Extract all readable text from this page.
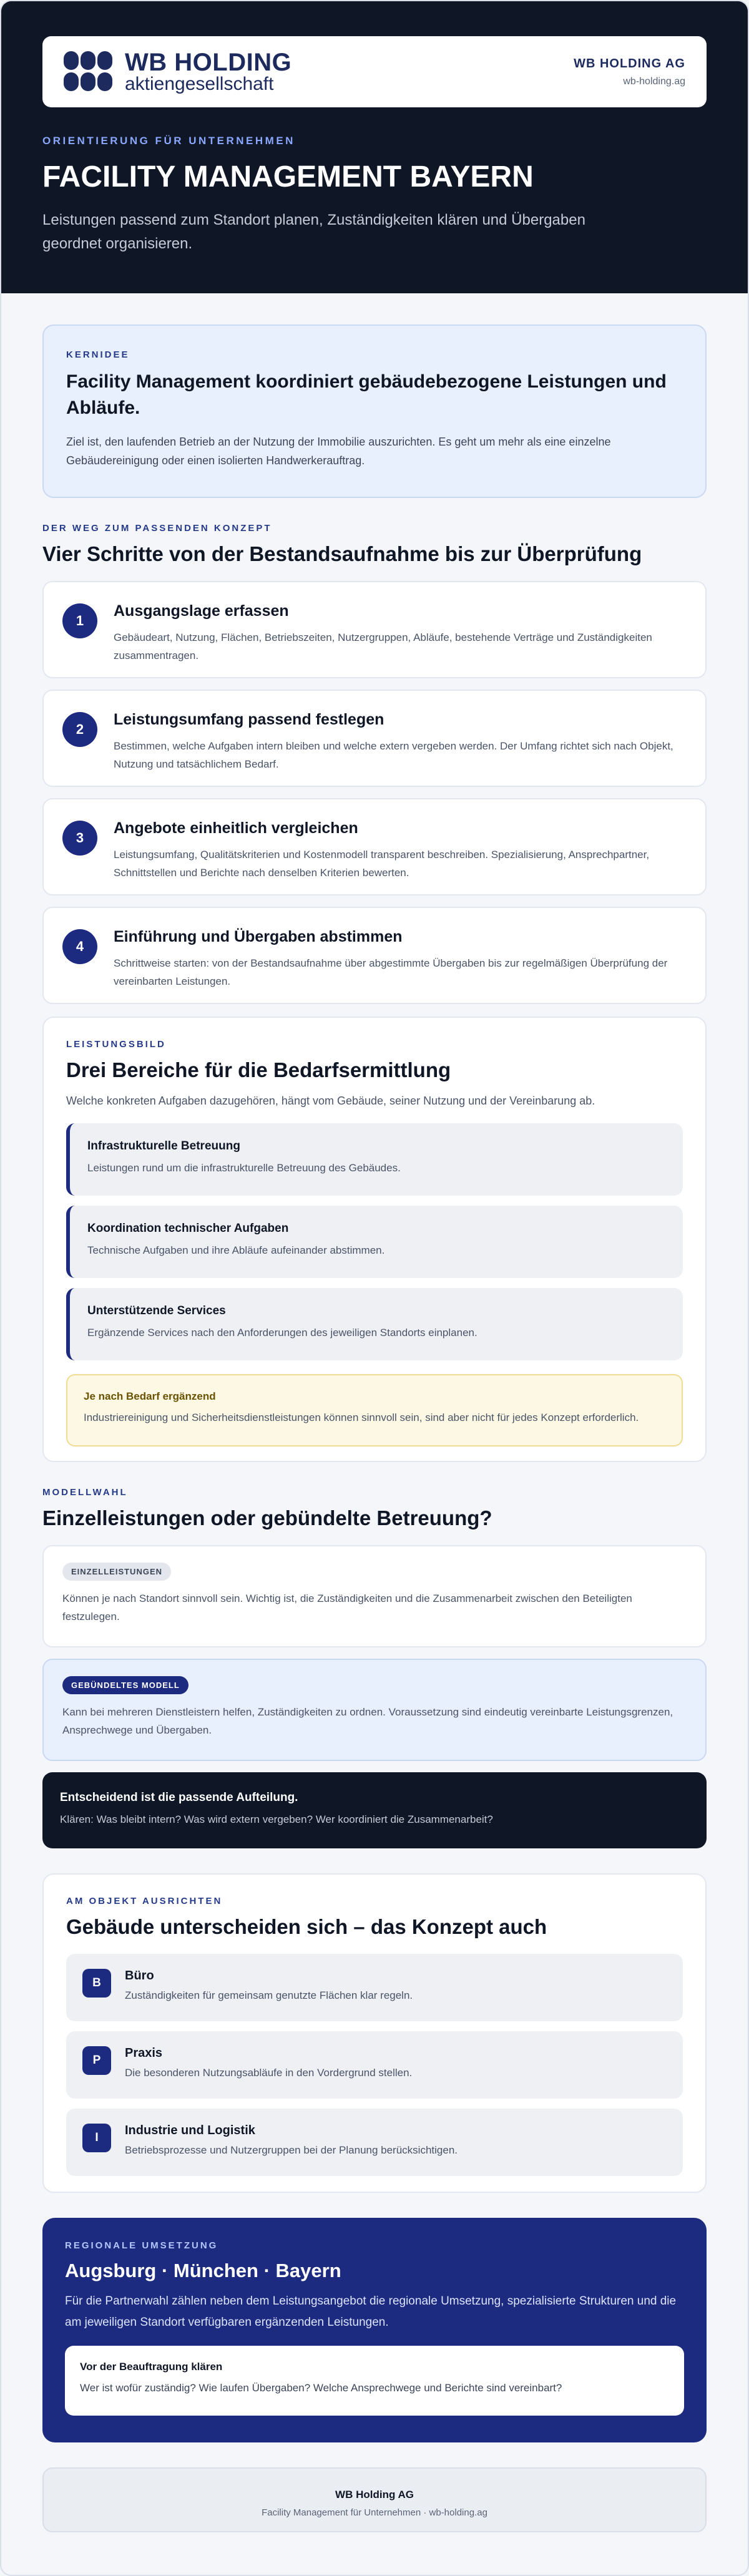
WB HOLDING
aktiengesellschaft
WB HOLDING AG
wb-holding.ag
ORIENTIERUNG FÜR UNTERNEHMEN
FACILITY MANAGEMENT BAYERN

Leistungen passend zum Standort planen, Zuständigkeiten klären und Übergaben geordnet organisieren.

KERNIDEE
Facility Management koordiniert gebäudebezogene Leistungen und Abläufe.

Ziel ist, den laufenden Betrieb an der Nutzung der Immobilie auszurichten. Es geht um mehr als eine einzelne Gebäudereinigung oder einen isolierten Handwerkerauftrag.

DER WEG ZUM PASSENDEN KONZEPT
Vier Schritte von der Bestandsaufnahme bis zur Überprüfung
1
Ausgangslage erfassen

Gebäudeart, Nutzung, Flächen, Betriebszeiten, Nutzergruppen, Abläufe, bestehende Verträge und Zuständigkeiten zusammentragen.

2
Leistungsumfang passend festlegen

Bestimmen, welche Aufgaben intern bleiben und welche extern vergeben werden. Der Umfang richtet sich nach Objekt, Nutzung und tatsächlichem Bedarf.

3
Angebote einheitlich vergleichen

Leistungsumfang, Qualitätskriterien und Kostenmodell transparent beschreiben. Spezialisierung, Ansprechpartner, Schnittstellen und Berichte nach denselben Kriterien bewerten.

4
Einführung und Übergaben abstimmen

Schrittweise starten: von der Bestandsaufnahme über abgestimmte Übergaben bis zur regelmäßigen Überprüfung der vereinbarten Leistungen.

LEISTUNGSBILD
Drei Bereiche für die Bedarfsermittlung
Welche konkreten Aufgaben dazugehören, hängt vom Gebäude, seiner Nutzung und der Vereinbarung ab.
Infrastrukturelle Betreuung

Leistungen rund um die infrastrukturelle Betreuung des Gebäudes.

Koordination technischer Aufgaben

Technische Aufgaben und ihre Abläufe aufeinander abstimmen.

Unterstützende Services

Ergänzende Services nach den Anforderungen des jeweiligen Standorts einplanen.

Je nach Bedarf ergänzend

Industriereinigung und Sicherheitsdienstleistungen können sinnvoll sein, sind aber nicht für jedes Konzept erforderlich.

MODELLWAHL
Einzelleistungen oder gebündelte Betreuung?
EINZELLEISTUNGEN

Können je nach Standort sinnvoll sein. Wichtig ist, die Zuständigkeiten und die Zusammenarbeit zwischen den Beteiligten festzulegen.

GEBÜNDELTES MODELL

Kann bei mehreren Dienstleistern helfen, Zuständigkeiten zu ordnen. Voraussetzung sind eindeutig vereinbarte Leistungsgrenzen, Ansprechwege und Übergaben.

Entscheidend ist die passende Aufteilung.

Klären: Was bleibt intern? Was wird extern vergeben? Wer koordiniert die Zusammenarbeit?

AM OBJEKT AUSRICHTEN
Gebäude unterscheiden sich – das Konzept auch
B
Büro

Zuständigkeiten für gemeinsam genutzte Flächen klar regeln.

P
Praxis

Die besonderen Nutzungsabläufe in den Vordergrund stellen.

I
Industrie und Logistik

Betriebsprozesse und Nutzergruppen bei der Planung berücksichtigen.

REGIONALE UMSETZUNG
Augsburg · München · Bayern
Für die Partnerwahl zählen neben dem Leistungsangebot die regionale Umsetzung, spezialisierte Strukturen und die am jeweiligen Standort verfügbaren ergänzenden Leistungen.
Vor der Beauftragung klären

Wer ist wofür zuständig? Wie laufen Übergaben? Welche Ansprechwege und Berichte sind vereinbart?

WB Holding AG
Facility Management für Unternehmen · wb-holding.ag
